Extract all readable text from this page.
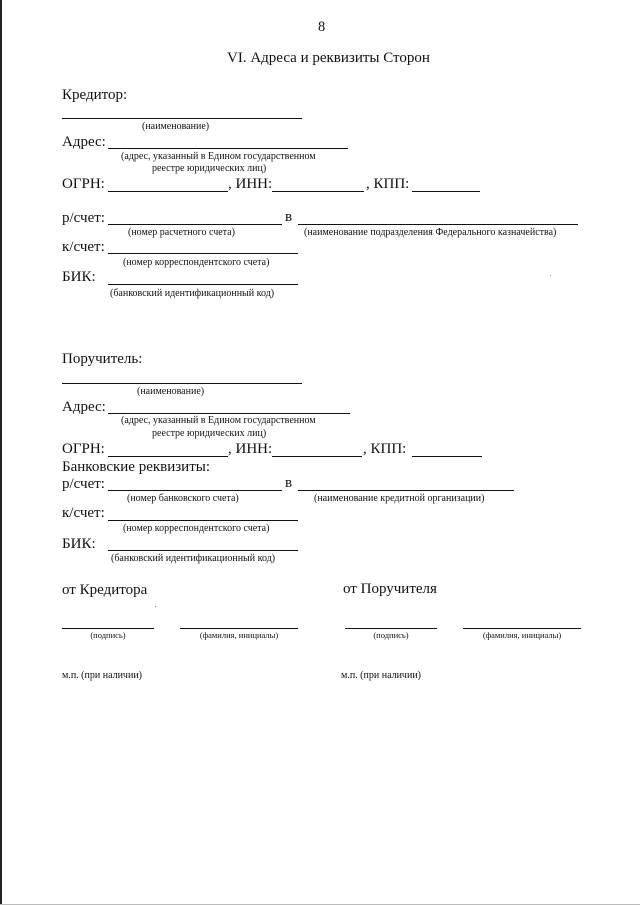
8
VI. Адреса и реквизиты Сторон
Кредитор:
(наименование)
Адрес:
(адрес, указанный в Едином государственном
реестре юридических лиц)
ОГРН:	, ИНН:	, КПП:
р/счет:	в
(номер расчетного счета)	(наименование подразделения Федерального казначейства)
к/счет:
(номер корреспондентского счета)
БИК:
(банковский идентификационный код)
Поручитель:
(наименование)
Адрес:
(адрес, указанный в Едином государственном
реестре юридических лиц)
ОГРН:	, ИНН:	, КПП:
Банковские реквизиты:
р/счет:	в
(номер банковского счета)	(наименование кредитной организации)
к/счет:
(номер корреспондентского счета)
БИК:
(банковский идентификационный код)
от Кредитора	от Поручителя
(подпись)	(фамилия, инициалы)	(подпись)	(фамилия, инициалы)
м.п. (при наличии)	м.п. (при наличии)
